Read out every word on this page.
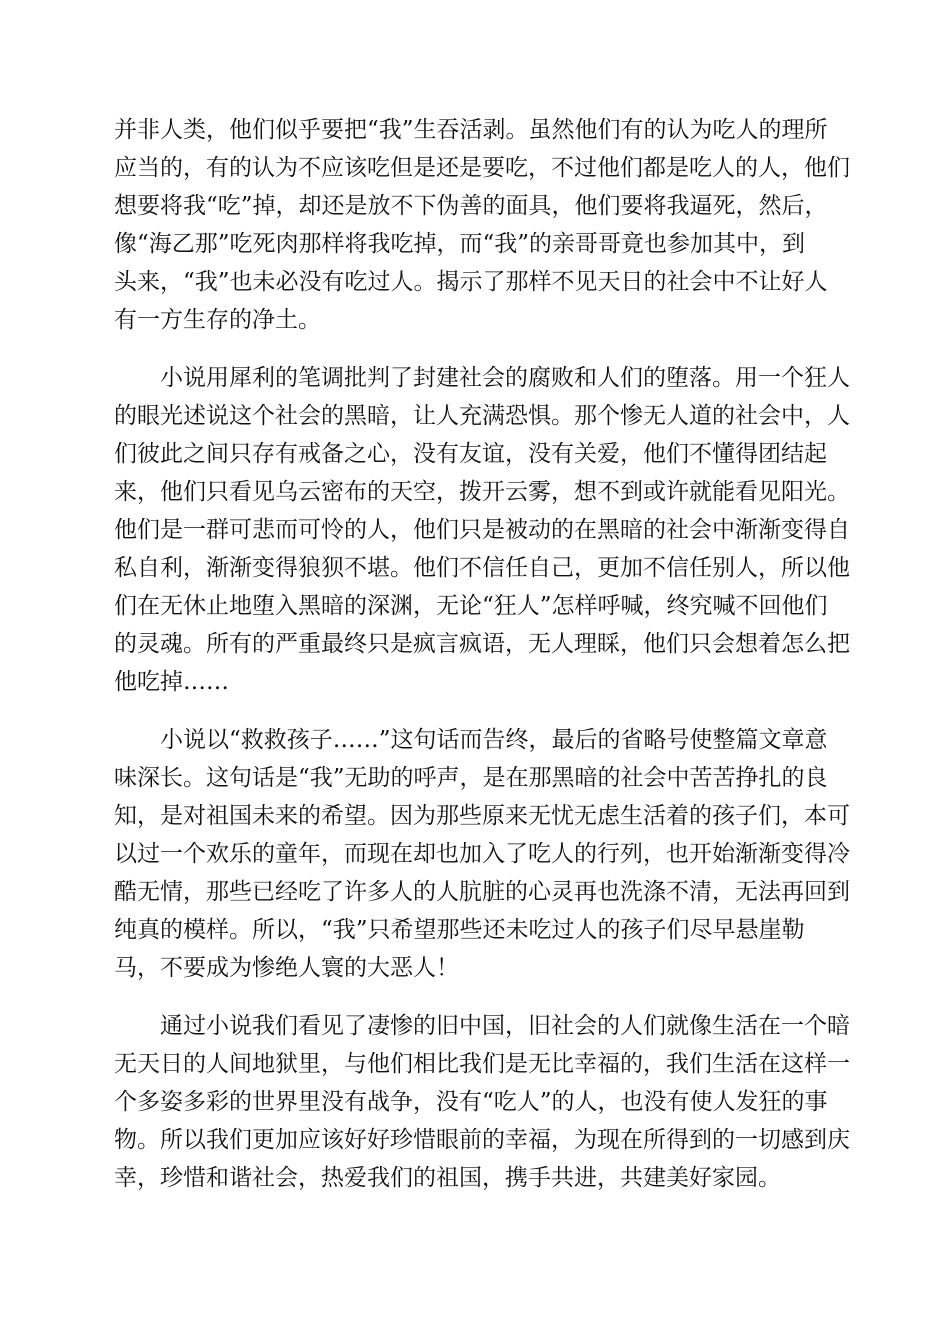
并非人类，他们似乎要把“我”生吞活剥。虽然他们有的认为吃人的理所
应当的，有的认为不应该吃但是还是要吃，不过他们都是吃人的人，他们
想要将我“吃”掉，却还是放不下伪善的面具，他们要将我逼死，然后，
像“海乙那”吃死肉那样将我吃掉，而“我”的亲哥哥竟也参加其中，到
头来，“我”也未必没有吃过人。揭示了那样不见天日的社会中不让好人
有一方生存的净土。
小说用犀利的笔调批判了封建社会的腐败和人们的堕落。用一个狂人
的眼光述说这个社会的黑暗，让人充满恐惧。那个惨无人道的社会中，人
们彼此之间只存有戒备之心，没有友谊，没有关爱，他们不懂得团结起
来，他们只看见乌云密布的天空，拨开云雾，想不到或许就能看见阳光。
他们是一群可悲而可怜的人，他们只是被动的在黑暗的社会中渐渐变得自
私自利，渐渐变得狼狈不堪。他们不信任自己，更加不信任别人，所以他
们在无休止地堕入黑暗的深渊，无论“狂人”怎样呼喊，终究喊不回他们
的灵魂。所有的严重最终只是疯言疯语，无人理睬，他们只会想着怎么把
他吃掉……
小说以“救救孩子……”这句话而告终，最后的省略号使整篇文章意
味深长。这句话是“我”无助的呼声，是在那黑暗的社会中苦苦挣扎的良
知，是对祖国未来的希望。因为那些原来无忧无虑生活着的孩子们，本可
以过一个欢乐的童年，而现在却也加入了吃人的行列，也开始渐渐变得冷
酷无情，那些已经吃了许多人的人肮脏的心灵再也洗涤不清，无法再回到
纯真的模样。所以，“我”只希望那些还未吃过人的孩子们尽早悬崖勒
马，不要成为惨绝人寰的大恶人！
通过小说我们看见了凄惨的旧中国，旧社会的人们就像生活在一个暗
无天日的人间地狱里，与他们相比我们是无比幸福的，我们生活在这样一
个多姿多彩的世界里没有战争，没有“吃人”的人，也没有使人发狂的事
物。所以我们更加应该好好珍惜眼前的幸福，为现在所得到的一切感到庆
幸，珍惜和谐社会，热爱我们的祖国，携手共进，共建美好家园。
